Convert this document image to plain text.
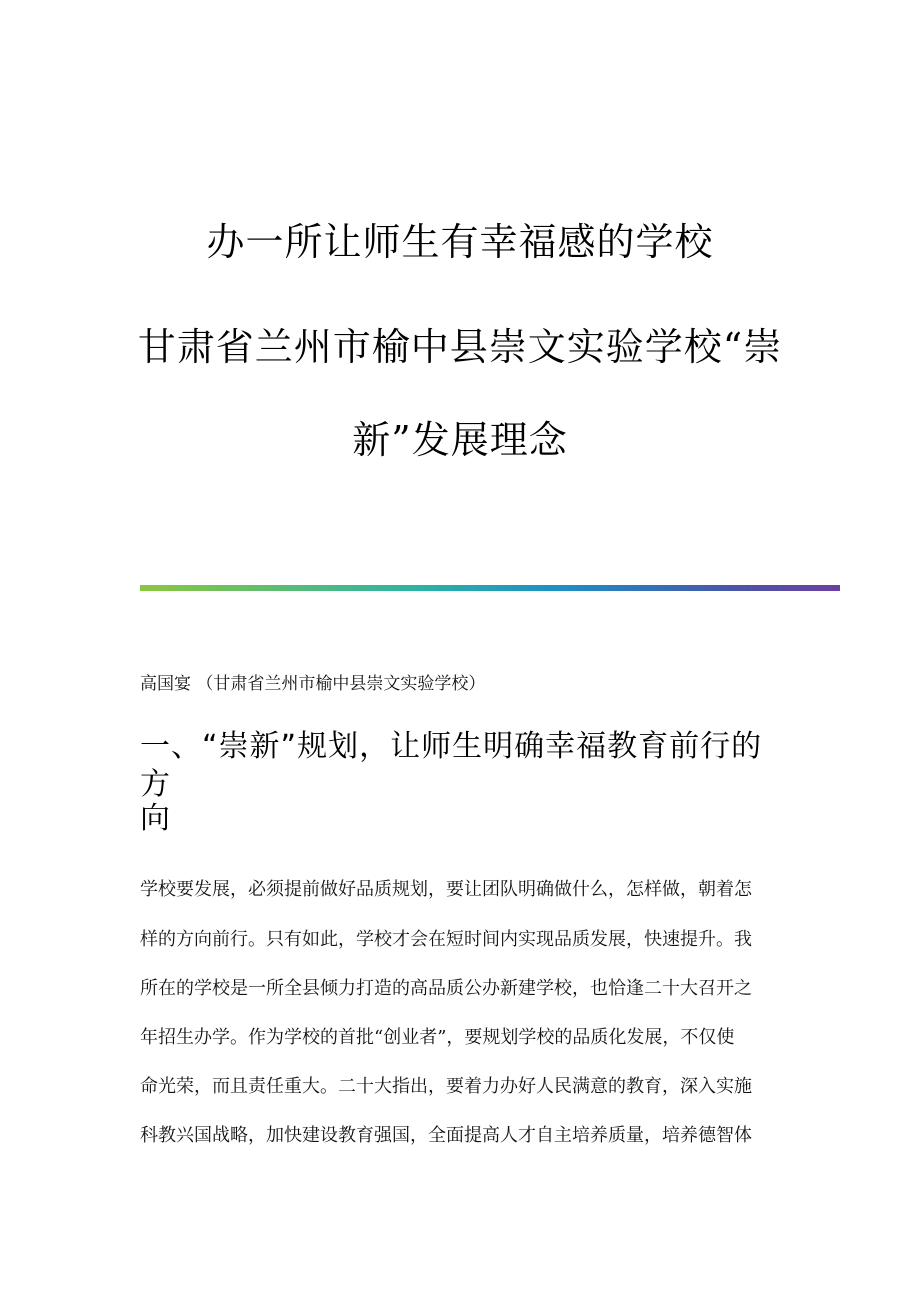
办一所让师生有幸福感的学校
甘肃省兰州市榆中县崇文实验学校“崇
新”发展理念
高国宴 （甘肃省兰州市榆中县崇文实验学校）
一、“崇新”规划，让师生明确幸福教育前行的方
向
学校要发展，必须提前做好品质规划，要让团队明确做什么，怎样做，朝着怎
样的方向前行。只有如此，学校才会在短时间内实现品质发展，快速提升。我
所在的学校是一所全县倾力打造的高品质公办新建学校，也恰逢二十大召开之
年招生办学。作为学校的首批“创业者”，要规划学校的品质化发展，不仅使
命光荣，而且责任重大。二十大指出，要着力办好人民满意的教育，深入实施
科教兴国战略，加快建设教育强国，全面提高人才自主培养质量，培养德智体
